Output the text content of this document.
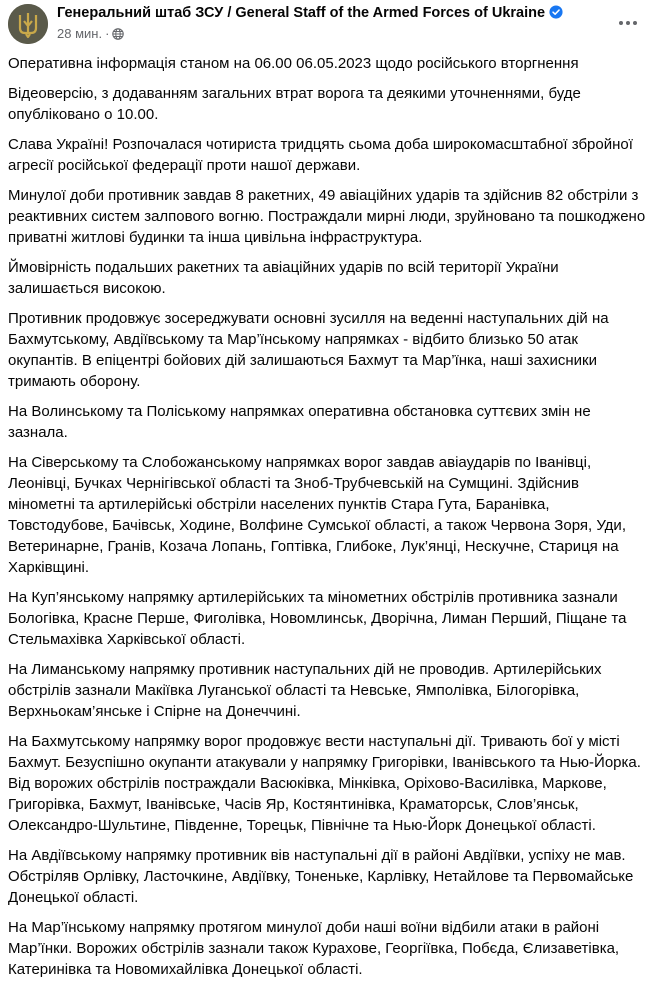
Генеральний штаб ЗСУ / General Staff of the Armed Forces of Ukraine
28 мин. ·

Оперативна інформація станом на 06.00 06.05.2023 щодо російського вторгнення

Відеоверсію, з додаванням загальних втрат ворога та деякими уточненнями, буде опубліковано о 10.00.

Слава Україні! Розпочалася чотириста тридцять сьома доба широкомасштабної збройної агресії російської федерації проти нашої держави.

Минулої доби противник завдав 8 ракетних, 49 авіаційних ударів та здійснив 82 обстріли з реактивних систем залпового вогню. Постраждали мирні люди, зруйновано та пошкоджено приватні житлові будинки та інша цивільна інфраструктура.

Ймовірність подальших ракетних та авіаційних ударів по всій території України залишається високою.

Противник продовжує зосереджувати основні зусилля на веденні наступальних дій на Бахмутському, Авдіївському та Мар’їнському напрямках - відбито близько 50 атак окупантів. В епіцентрі бойових дій залишаються Бахмут та Мар’їнка, наші захисники тримають оборону.

На Волинському та Поліському напрямках оперативна обстановка суттєвих змін не зазнала.

На Сіверському та Слобожанському напрямках ворог завдав авіаударів по Іванівці, Леонівці, Бучках Чернігівської області та Зноб-Трубчевській на Сумщині. Здійснив мінометні та артилерійські обстріли населених пунктів Стара Гута, Баранівка, Товстодубове, Бачівськ, Ходине, Волфине Сумської області, а також Червона Зоря, Уди, Ветеринарне, Гранів, Козача Лопань, Гоптівка, Глибоке, Лук’янці, Нескучне, Стариця на Харківщині.

На Куп’янському напрямку артилерійських та мінометних обстрілів противника зазнали Бологівка, Красне Перше, Фиголівка, Новомлинськ, Дворічна, Лиман Перший, Піщане та Стельмахівка Харківської області.

На Лиманському напрямку противник наступальних дій не проводив. Артилерійських обстрілів зазнали Макіївка Луганської області та Невське, Ямполівка, Білогорівка, Верхньокам’янське і Спірне на Донеччині.

На Бахмутському напрямку ворог продовжує вести наступальні дії. Тривають бої у місті Бахмут. Безуспішно окупанти атакували у напрямку Григорівки, Іванівського та Нью-Йорка. Від ворожих обстрілів постраждали Васюківка, Мінківка, Оріхово-Василівка, Маркове, Григорівка, Бахмут, Іванівське, Часів Яр, Костянтинівка, Краматорськ, Слов’янськ, Олександро-Шультине, Південне, Торецьк, Північне та Нью-Йорк Донецької області.

На Авдіївському напрямку противник вів наступальні дії в районі Авдіївки, успіху не мав. Обстріляв Орлівку, Ласточкине, Авдіївку, Тоненьке, Карлівку, Нетайлове та Первомайське Донецької області.

На Мар’їнському напрямку протягом минулої доби наші воїни відбили атаки в районі Мар’їнки. Ворожих обстрілів зазнали також Курахове, Георгіївка, Побєда, Єлизаветівка, Катеринівка та Новомихайлівка Донецької області.
